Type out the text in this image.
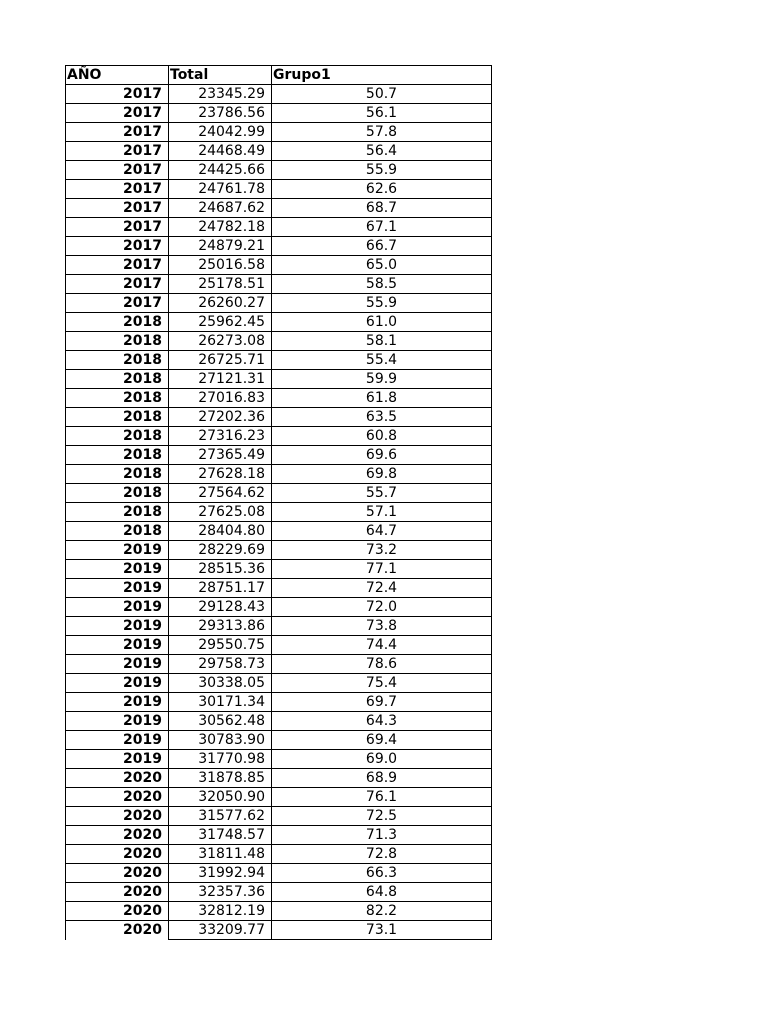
AÑO	Total	Grupo1
2017	23345.29	50.7
2017	23786.56	56.1
2017	24042.99	57.8
2017	24468.49	56.4
2017	24425.66	55.9
2017	24761.78	62.6
2017	24687.62	68.7
2017	24782.18	67.1
2017	24879.21	66.7
2017	25016.58	65.0
2017	25178.51	58.5
2017	26260.27	55.9
2018	25962.45	61.0
2018	26273.08	58.1
2018	26725.71	55.4
2018	27121.31	59.9
2018	27016.83	61.8
2018	27202.36	63.5
2018	27316.23	60.8
2018	27365.49	69.6
2018	27628.18	69.8
2018	27564.62	55.7
2018	27625.08	57.1
2018	28404.80	64.7
2019	28229.69	73.2
2019	28515.36	77.1
2019	28751.17	72.4
2019	29128.43	72.0
2019	29313.86	73.8
2019	29550.75	74.4
2019	29758.73	78.6
2019	30338.05	75.4
2019	30171.34	69.7
2019	30562.48	64.3
2019	30783.90	69.4
2019	31770.98	69.0
2020	31878.85	68.9
2020	32050.90	76.1
2020	31577.62	72.5
2020	31748.57	71.3
2020	31811.48	72.8
2020	31992.94	66.3
2020	32357.36	64.8
2020	32812.19	82.2
2020	33209.77	73.1
